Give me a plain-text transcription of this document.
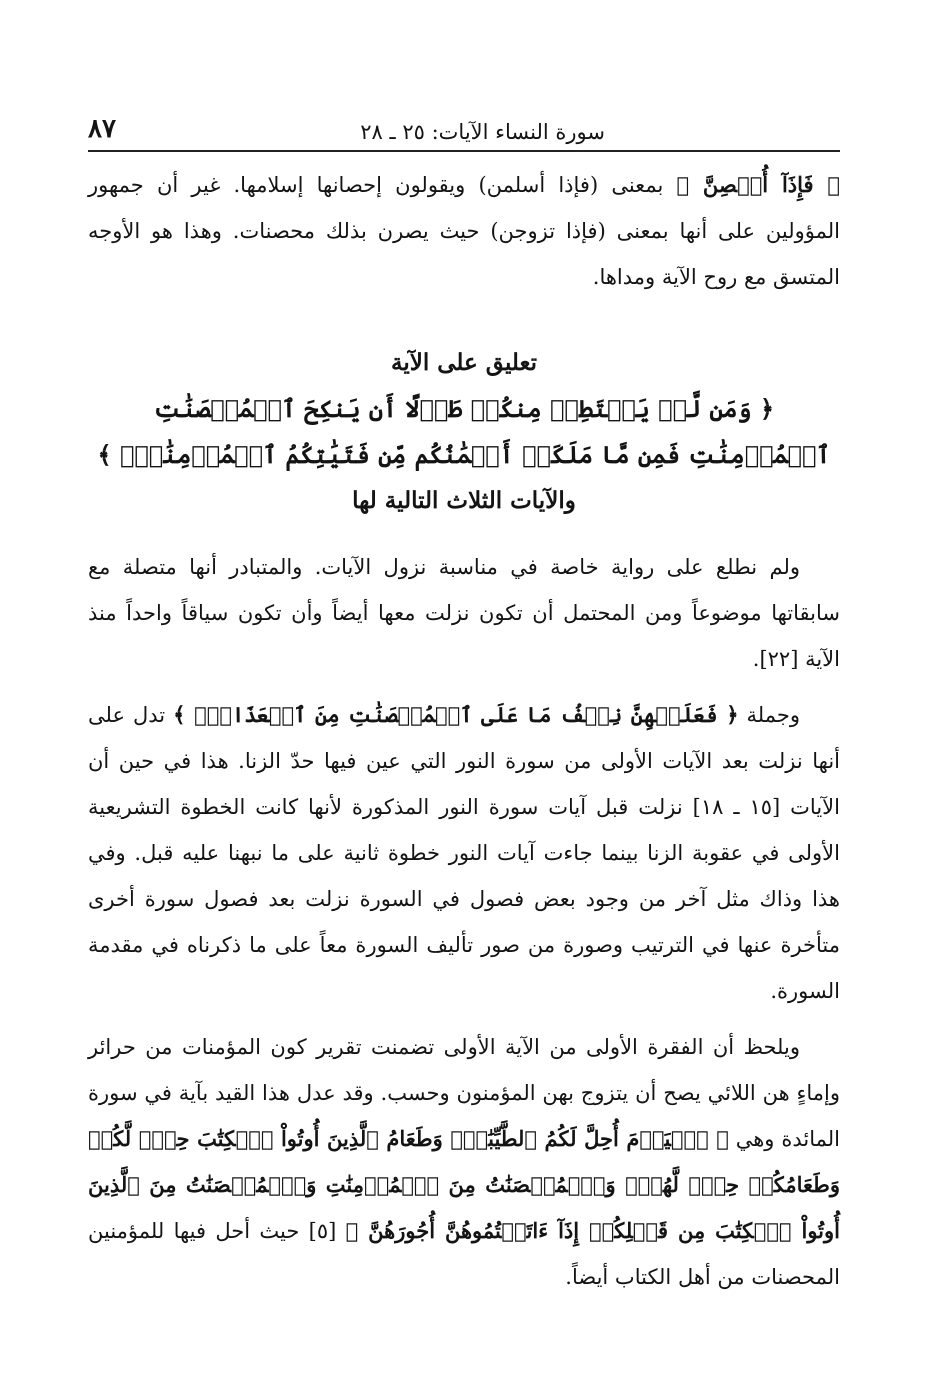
سورة النساء الآيات: ٢٥ ـ ٢٨
٨٧

﴿ فَإِذَآ أُحۡصِنَّ ﴾ بمعنى (فإذا أسلمن) ويقولون إحصانها إسلامها. غير أن جمهور المؤولين على أنها بمعنى (فإذا تزوجن) حيث يصرن بذلك محصنات. وهذا هو الأوجه المتسق مع روح الآية ومداها.

تعليق على الآية
﴿ وَمَن لَّمۡ يَسۡتَطِعۡ مِنكُمۡ طَوۡلًا أَن يَنكِحَ ٱلۡمُحۡصَنَٰتِ
ٱلۡمُؤۡمِنَٰتِ فَمِن مَّا مَلَكَتۡ أَيۡمَٰنُكُم مِّن فَتَيَٰتِكُمُ ٱلۡمُؤۡمِنَٰتِۚ ﴾
والآيات الثلاث التالية لها

ولم نطلع على رواية خاصة في مناسبة نزول الآيات. والمتبادر أنها متصلة مع سابقاتها موضوعاً ومن المحتمل أن تكون نزلت معها أيضاً وأن تكون سياقاً واحداً منذ الآية [٢٢].

وجملة ﴿ فَعَلَيۡهِنَّ نِصۡفُ مَا عَلَى ٱلۡمُحۡصَنَٰتِ مِنَ ٱلۡعَذَابِۚ ﴾ تدل على أنها نزلت بعد الآيات الأولى من سورة النور التي عين فيها حدّ الزنا. هذا في حين أن الآيات [١٥ ـ ١٨] نزلت قبل آيات سورة النور المذكورة لأنها كانت الخطوة التشريعية الأولى في عقوبة الزنا بينما جاءت آيات النور خطوة ثانية على ما نبهنا عليه قبل. وفي هذا وذاك مثل آخر من وجود بعض فصول في السورة نزلت بعد فصول سورة أخرى متأخرة عنها في الترتيب وصورة من صور تأليف السورة معاً على ما ذكرناه في مقدمة السورة.

ويلحظ أن الفقرة الأولى من الآية الأولى تضمنت تقرير كون المؤمنات من حرائر وإماءٍ هن اللائي يصح أن يتزوج بهن المؤمنون وحسب. وقد عدل هذا القيد بآية في سورة المائدة وهي ﴿ ٱلۡيَوۡمَ أُحِلَّ لَكُمُ ٱلطَّيِّبَٰتُۖ وَطَعَامُ ٱلَّذِينَ أُوتُواْ ٱلۡكِتَٰبَ حِلّٞ لَّكُمۡ وَطَعَامُكُمۡ حِلّٞ لَّهُمۡۖ وَٱلۡمُحۡصَنَٰتُ مِنَ ٱلۡمُؤۡمِنَٰتِ وَٱلۡمُحۡصَنَٰتُ مِنَ ٱلَّذِينَ أُوتُواْ ٱلۡكِتَٰبَ مِن قَبۡلِكُمۡ إِذَآ ءَاتَيۡتُمُوهُنَّ أُجُورَهُنَّ ﴾ [٥] حيث أحل فيها للمؤمنين المحصنات من أهل الكتاب أيضاً.
